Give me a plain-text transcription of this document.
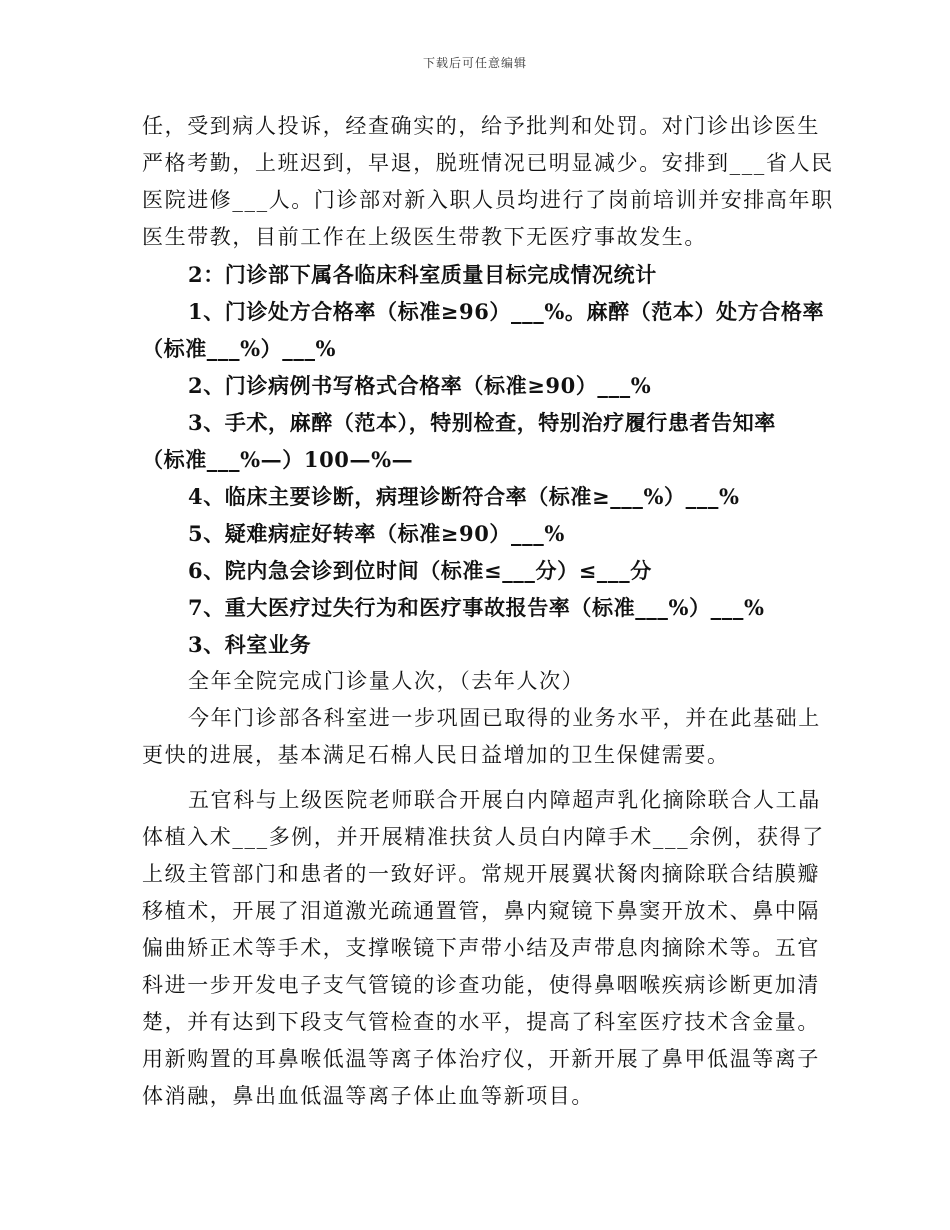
下载后可任意编辑

任，受到病人投诉，经查确实的，给予批判和处罚。对门诊出诊医生
严格考勤，上班迟到，早退，脱班情况已明显减少。安排到___省人民
医院进修___人。门诊部对新入职人员均进行了岗前培训并安排高年职
医生带教，目前工作在上级医生带教下无医疗事故发生。

2：门诊部下属各临床科室质量目标完成情况统计

1、门诊处方合格率（标准≥96）___%。麻醉（范本）处方合格率
（标准___%）___%

2、门诊病例书写格式合格率（标准≥90）___%

3、手术，麻醉（范本），特别检查，特别治疗履行患者告知率
（标准___%—）100—%—

4、临床主要诊断，病理诊断符合率（标准≥___%）___%

5、疑难病症好转率（标准≥90）___%

6、院内急会诊到位时间（标准≤___分）≤___分

7、重大医疗过失行为和医疗事故报告率（标准___%）___%

3、科室业务

全年全院完成门诊量人次，（去年人次）

今年门诊部各科室进一步巩固已取得的业务水平，并在此基础上
更快的进展，基本满足石棉人民日益增加的卫生保健需要。

五官科与上级医院老师联合开展白内障超声乳化摘除联合人工晶
体植入术___多例，并开展精准扶贫人员白内障手术___余例，获得了
上级主管部门和患者的一致好评。常规开展翼状胬肉摘除联合结膜瓣
移植术，开展了泪道激光疏通置管，鼻内窥镜下鼻窦开放术、鼻中隔
偏曲矫正术等手术，支撑喉镜下声带小结及声带息肉摘除术等。五官
科进一步开发电子支气管镜的诊查功能，使得鼻咽喉疾病诊断更加清
楚，并有达到下段支气管检查的水平，提高了科室医疗技术含金量。
用新购置的耳鼻喉低温等离子体治疗仪，开新开展了鼻甲低温等离子
体消融，鼻出血低温等离子体止血等新项目。
